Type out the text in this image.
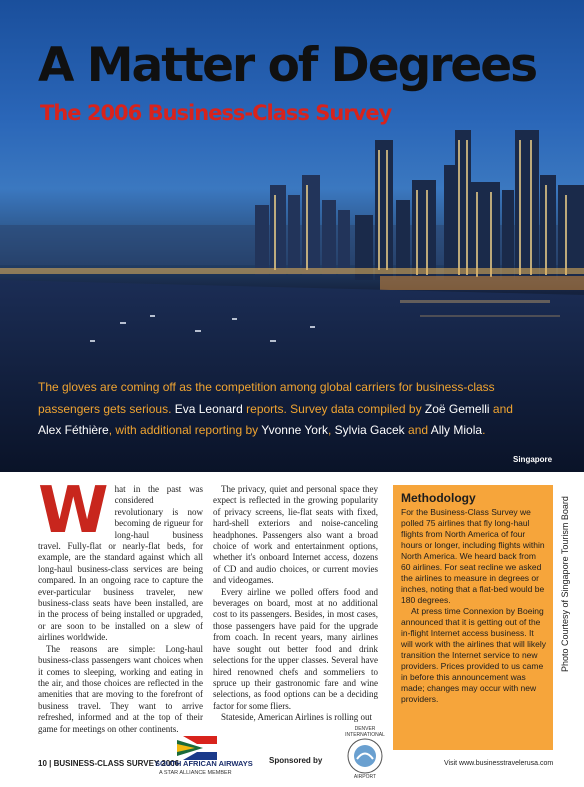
A Matter of Degrees
The 2006 Business-Class Survey

The gloves are coming off as the competition among global carriers for business-class passengers gets serious. Eva Leonard reports. Survey data compiled by Zoë Gemelli and Alex Féthière, with additional reporting by Yvonne York, Sylvia Gacek and Ally Miola.

Singapore
Photo Courtesy of Singapore Tourism Board
W hat in the past was considered revolutionary is now becoming de rigueur for long-haul business travel. Fully-flat or nearly-flat beds, for example, are the standard against which all long-haul business-class services are being compared. In an ongoing race to capture the ever-particular business traveler, new business-class seats have been installed, are in the process of being installed or upgraded, or are soon to be installed on a slew of airlines worldwide.

The reasons are simple: Long-haul business-class passengers want choices when it comes to sleeping, working and eating in the air, and those choices are reflected in the amenities that are moving to the forefront of business travel. They want to arrive refreshed, informed and at the top of their game for meetings on other continents.

The privacy, quiet and personal space they expect is reflected in the growing popularity of privacy screens, lie-flat seats with fixed, hard-shell exteriors and noise-canceling headphones. Passengers also want a broad choice of work and entertainment options, whether it's onboard Internet access, dozens of CD and audio choices, or current movies and videogames.

Every airline we polled offers food and beverages on board, most at no additional cost to its passengers. Besides, in most cases, those passengers have paid for the upgrade from coach. In recent years, many airlines have sought out better food and drink selections for the upper classes. Several have hired renowned chefs and sommeliers to spruce up their gastronomic fare and wine selections, as food options can be a deciding factor for some fliers.

Stateside, American Airlines is rolling out

Methodology

For the Business-Class Survey we polled 75 airlines that fly long-haul flights from North America of four hours or longer, including flights within North America. We heard back from 60 airlines. For seat recline we asked the airlines to measure in degrees or inches, noting that a flat-bed would be 180 degrees.

At press time Connexion by Boeing announced that it is getting out of the in-flight Internet access business. It will work with the airlines that will likely transition the Internet service to new providers. Prices provided to us came in before this announcement was made; changes may occur with new providers.

10 | BUSINESS-CLASS SURVEY 2006
SOUTH AFRICAN AIRWAYS
A STAR ALLIANCE MEMBER
Sponsored by
DENVER INTERNATIONAL
AIRPORT
Visit www.businesstravelerusa.com
